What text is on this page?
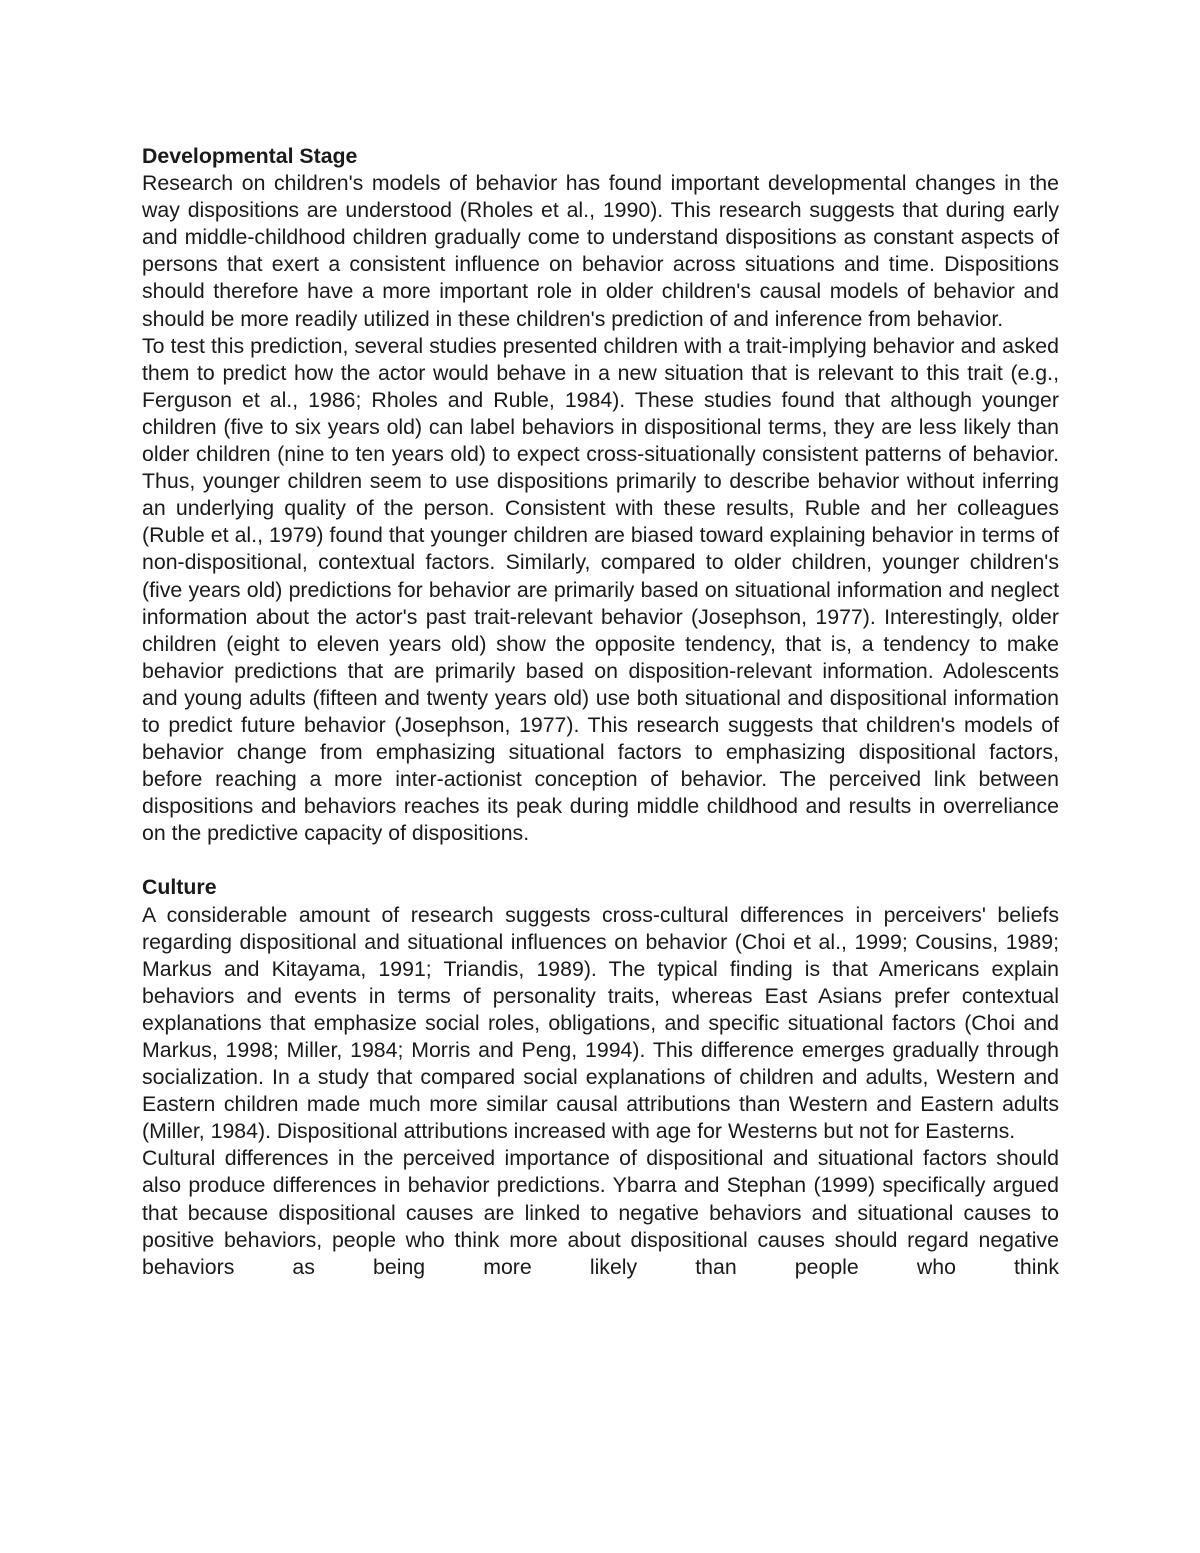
Developmental Stage

Research on children's models of behavior has found important developmental changes in the way dispositions are understood (Rholes et al., 1990). This research suggests that during early and middle-childhood children gradually come to understand dispositions as constant aspects of persons that exert a consistent influence on behavior across situations and time. Dispositions should therefore have a more important role in older children's causal models of behavior and should be more readily utilized in these children's prediction of and inference from behavior.

To test this prediction, several studies presented children with a trait-implying behavior and asked them to predict how the actor would behave in a new situation that is relevant to this trait (e.g., Ferguson et al., 1986; Rholes and Ruble, 1984). These studies found that although younger children (five to six years old) can label behaviors in dispositional terms, they are less likely than older children (nine to ten years old) to expect cross-situationally consistent patterns of behavior. Thus, younger children seem to use dispositions primarily to describe behavior without inferring an underlying quality of the person. Consistent with these results, Ruble and her colleagues (Ruble et al., 1979) found that younger children are biased toward explaining behavior in terms of non-dispositional, contextual factors. Similarly, compared to older children, younger children's (five years old) predictions for behavior are primarily based on situational information and neglect information about the actor's past trait-relevant behavior (Josephson, 1977). Interestingly, older children (eight to eleven years old) show the opposite tendency, that is, a tendency to make behavior predictions that are primarily based on disposition-relevant information. Adolescents and young adults (fifteen and twenty years old) use both situational and dispositional information to predict future behavior (Josephson, 1977). This research suggests that children's models of behavior change from emphasizing situational factors to emphasizing dispositional factors, before reaching a more inter-actionist conception of behavior. The perceived link between dispositions and behaviors reaches its peak during middle childhood and results in overreliance on the predictive capacity of dispositions.

Culture

A considerable amount of research suggests cross-cultural differences in perceivers' beliefs regarding dispositional and situational influences on behavior (Choi et al., 1999; Cousins, 1989; Markus and Kitayama, 1991; Triandis, 1989). The typical finding is that Americans explain behaviors and events in terms of personality traits, whereas East Asians prefer contextual explanations that emphasize social roles, obligations, and specific situational factors (Choi and Markus, 1998; Miller, 1984; Morris and Peng, 1994). This difference emerges gradually through socialization. In a study that compared social explanations of children and adults, Western and Eastern children made much more similar causal attributions than Western and Eastern adults (Miller, 1984). Dispositional attributions increased with age for Westerns but not for Easterns.

Cultural differences in the perceived importance of dispositional and situational factors should also produce differences in behavior predictions. Ybarra and Stephan (1999) specifically argued that because dispositional causes are linked to negative behaviors and situational causes to positive behaviors, people who think more about dispositional causes should regard negative behaviors as being more likely than people who think
